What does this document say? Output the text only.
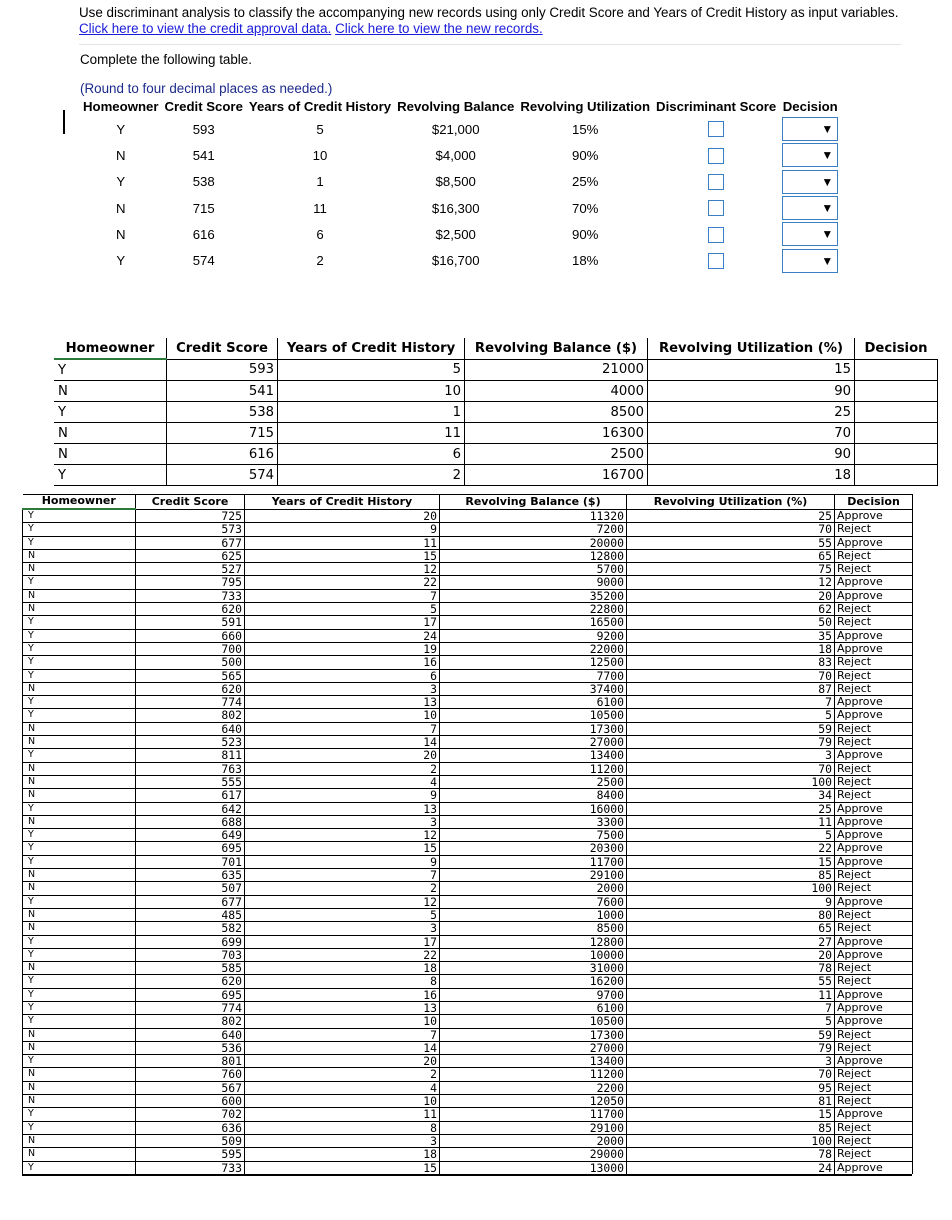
Use discriminant analysis to classify the accompanying new records using only Credit Score and Years of Credit History as input variables.
Click here to view the credit approval data. Click here to view the new records.
Complete the following table.
(Round to four decimal places as needed.)
Homeowner	Credit Score	Years of Credit History	Revolving Balance	Revolving Utilization	Discriminant Score	Decision
Y	593	5	$21,000	15%		▼

N	541	10	$4,000	90%		▼

Y	538	1	$8,500	25%		▼

N	715	11	$16,300	70%		▼

N	616	6	$2,500	90%		▼

Y	574	2	$16,700	18%		▼
Homeowner	Credit Score	Years of Credit History	Revolving Balance ($)	Revolving Utilization (%)	Decision
Y	593	5	21000	15	
N	541	10	4000	90	
Y	538	1	8500	25	
N	715	11	16300	70	
N	616	6	2500	90	
Y	574	2	16700	18	
Homeowner	Credit Score	Years of Credit History	Revolving Balance ($)	Revolving Utilization (%)	Decision
Y	725	20	11320	25	Approve
Y	573	9	7200	70	Reject
Y	677	11	20000	55	Approve
N	625	15	12800	65	Reject
N	527	12	5700	75	Reject
Y	795	22	9000	12	Approve
N	733	7	35200	20	Approve
N	620	5	22800	62	Reject
Y	591	17	16500	50	Reject
Y	660	24	9200	35	Approve
Y	700	19	22000	18	Approve
Y	500	16	12500	83	Reject
Y	565	6	7700	70	Reject
N	620	3	37400	87	Reject
Y	774	13	6100	7	Approve
Y	802	10	10500	5	Approve
N	640	7	17300	59	Reject
N	523	14	27000	79	Reject
Y	811	20	13400	3	Approve
N	763	2	11200	70	Reject
N	555	4	2500	100	Reject
N	617	9	8400	34	Reject
Y	642	13	16000	25	Approve
N	688	3	3300	11	Approve
Y	649	12	7500	5	Approve
Y	695	15	20300	22	Approve
Y	701	9	11700	15	Approve
N	635	7	29100	85	Reject
N	507	2	2000	100	Reject
Y	677	12	7600	9	Approve
N	485	5	1000	80	Reject
N	582	3	8500	65	Reject
Y	699	17	12800	27	Approve
Y	703	22	10000	20	Approve
N	585	18	31000	78	Reject
Y	620	8	16200	55	Reject
Y	695	16	9700	11	Approve
Y	774	13	6100	7	Approve
Y	802	10	10500	5	Approve
N	640	7	17300	59	Reject
N	536	14	27000	79	Reject
Y	801	20	13400	3	Approve
N	760	2	11200	70	Reject
N	567	4	2200	95	Reject
N	600	10	12050	81	Reject
Y	702	11	11700	15	Approve
Y	636	8	29100	85	Reject
N	509	3	2000	100	Reject
N	595	18	29000	78	Reject
Y	733	15	13000	24	Approve
